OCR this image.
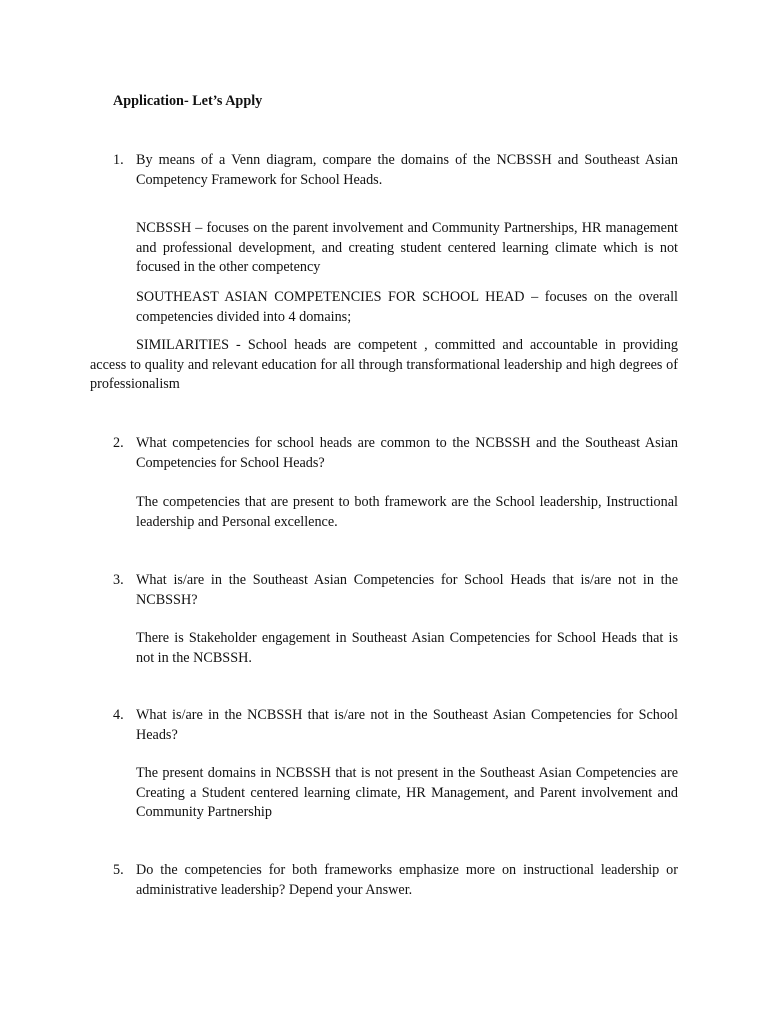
Application- Let’s Apply
1. By means of a Venn diagram, compare the domains of the NCBSSH and Southeast Asian Competency Framework for School Heads.
NCBSSH – focuses on the parent involvement and Community Partnerships, HR management and professional development, and creating student centered learning climate which is not focused in the other competency
SOUTHEAST ASIAN COMPETENCIES FOR SCHOOL HEAD – focuses on the overall competencies divided into 4 domains;
SIMILARITIES - School heads are competent , committed and accountable in providing access to quality and relevant education for all through transformational leadership and high degrees of professionalism
2. What competencies for school heads are common to the NCBSSH and the Southeast Asian Competencies for School Heads?
The competencies that are present to both framework are the School leadership, Instructional leadership and Personal excellence.
3. What is/are in the Southeast Asian Competencies for School Heads that is/are not in the NCBSSH?
There is Stakeholder engagement in Southeast Asian Competencies for School Heads that is not in the NCBSSH.
4. What is/are in the NCBSSH that is/are not in the Southeast Asian Competencies for School Heads?
The present domains in NCBSSH that is not present in the Southeast Asian Competencies are Creating a Student centered learning climate, HR Management, and Parent involvement and Community Partnership
5. Do the competencies for both frameworks emphasize more on instructional leadership or administrative leadership? Depend your Answer.
